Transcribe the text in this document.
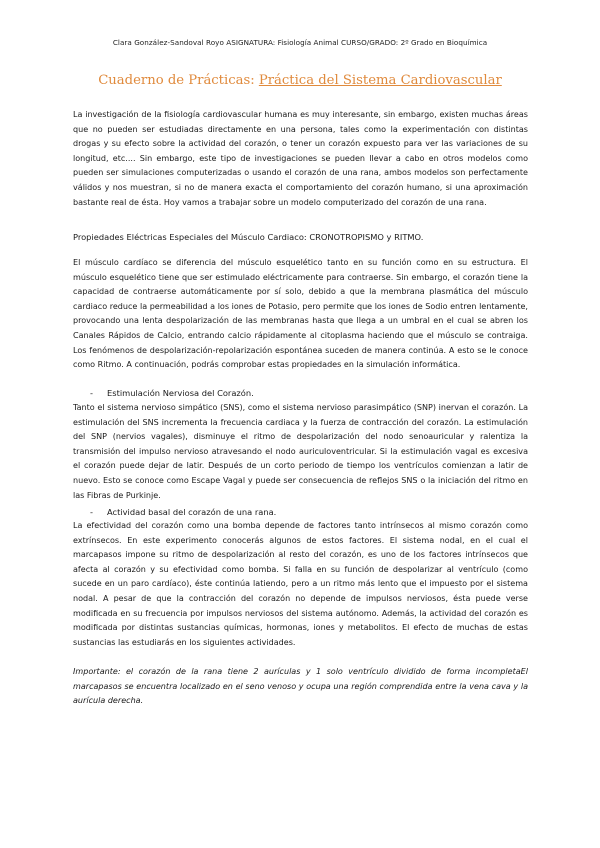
Clara González-Sandoval Royo ASIGNATURA: Fisiología Animal CURSO/GRADO: 2º Grado en Bioquímica
Cuaderno de Prácticas: Práctica del Sistema Cardiovascular

La investigación de la fisiología cardiovascular humana es muy interesante, sin embargo, existen muchas áreas que no pueden ser estudiadas directamente en una persona, tales como la experimentación con distintas drogas y su efecto sobre la actividad del corazón, o tener un corazón expuesto para ver las variaciones de su longitud, etc.... Sin embargo, este tipo de investigaciones se pueden llevar a cabo en otros modelos como pueden ser simulaciones computerizadas o usando el corazón de una rana, ambos modelos son perfectamente válidos y nos muestran, si no de manera exacta el comportamiento del corazón humano, si una aproximación bastante real de ésta. Hoy vamos a trabajar sobre un modelo computerizado del corazón de una rana.

Propiedades Eléctricas Especiales del Músculo Cardiaco: CRONOTROPISMO y RITMO.

El músculo cardíaco se diferencia del músculo esquelético tanto en su función como en su estructura. El músculo esquelético tiene que ser estimulado eléctricamente para contraerse. Sin embargo, el corazón tiene la capacidad de contraerse automáticamente por sí solo, debido a que la membrana plasmática del músculo cardiaco reduce la permeabilidad a los iones de Potasio, pero permite que los iones de Sodio entren lentamente, provocando una lenta despolarización de las membranas hasta que llega a un umbral en el cual se abren los Canales Rápidos de Calcio, entrando calcio rápidamente al citoplasma haciendo que el músculo se contraiga. Los fenómenos de despolarización-repolarización espontánea suceden de manera continúa. A esto se le conoce como Ritmo. A continuación, podrás comprobar estas propiedades en la simulación informática.

- Estimulación Nerviosa del Corazón.

Tanto el sistema nervioso simpático (SNS), como el sistema nervioso parasimpático (SNP) inervan el corazón. La estimulación del SNS incrementa la frecuencia cardiaca y la fuerza de contracción del corazón. La estimulación del SNP (nervios vagales), disminuye el ritmo de despolarización del nodo senoauricular y ralentiza la transmisión del impulso nervioso atravesando el nodo auriculoventricular. Si la estimulación vagal es excesiva el corazón puede dejar de latir. Después de un corto periodo de tiempo los ventrículos comienzan a latir de nuevo. Esto se conoce como Escape Vagal y puede ser consecuencia de reflejos SNS o la iniciación del ritmo en las Fibras de Purkinje.

- Actividad basal del corazón de una rana.

La efectividad del corazón como una bomba depende de factores tanto intrínsecos al mismo corazón como extrínsecos. En este experimento conocerás algunos de estos factores. El sistema nodal, en el cual el marcapasos impone su ritmo de despolarización al resto del corazón, es uno de los factores intrínsecos que afecta al corazón y su efectividad como bomba. Si falla en su función de despolarizar al ventrículo (como sucede en un paro cardíaco), éste continúa latiendo, pero a un ritmo más lento que el impuesto por el sistema nodal. A pesar de que la contracción del corazón no depende de impulsos nerviosos, ésta puede verse modificada en su frecuencia por impulsos nerviosos del sistema autónomo. Además, la actividad del corazón es modificada por distintas sustancias químicas, hormonas, iones y metabolitos. El efecto de muchas de estas sustancias las estudiarás en los siguientes actividades.

Importante: el corazón de la rana tiene 2 aurículas y 1 solo ventrículo dividido de forma incompletaEl marcapasos se encuentra localizado en el seno venoso y ocupa una región comprendida entre la vena cava y la aurícula derecha.
